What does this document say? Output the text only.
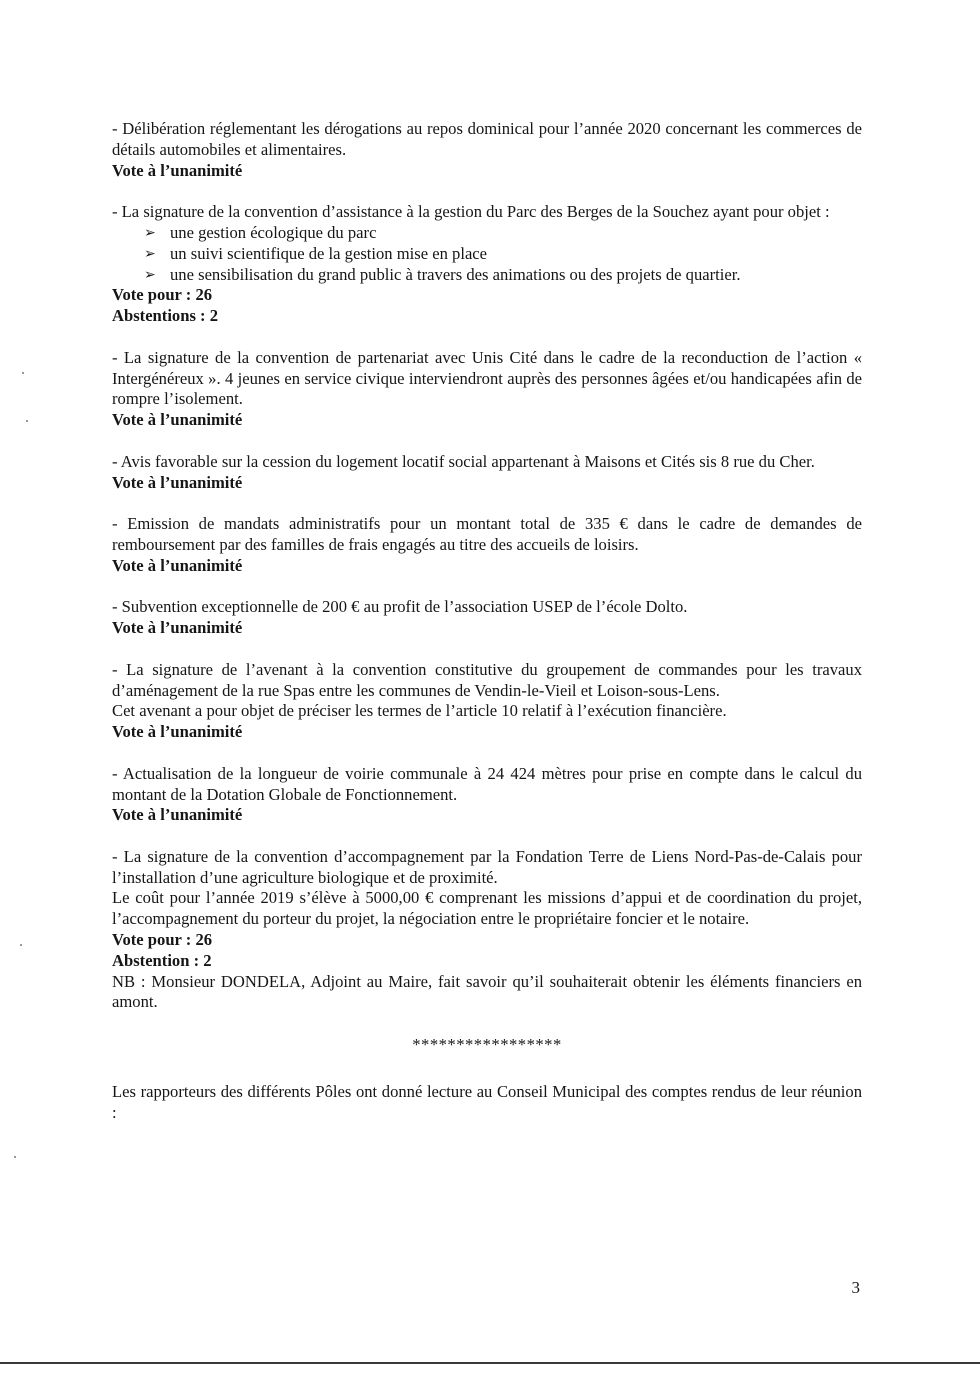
- Délibération réglementant les dérogations au repos dominical pour l’année 2020 concernant les commerces de détails automobiles et alimentaires.

Vote à l’unanimité

- La signature de la convention d’assistance à la gestion du Parc des Berges de la Souchez ayant pour objet :

➢ une gestion écologique du parc
➢ un suivi scientifique de la gestion mise en place
➢ une sensibilisation du grand public à travers des animations ou des projets de quartier.

Vote pour : 26

Abstentions : 2

- La signature de la convention de partenariat avec Unis Cité dans le cadre de la reconduction de l’action « Intergénéreux ». 4 jeunes en service civique interviendront auprès des personnes âgées et/ou handicapées afin de rompre l’isolement.

Vote à l’unanimité

- Avis favorable sur la cession du logement locatif social appartenant à Maisons et Cités sis 8 rue du Cher.

Vote à l’unanimité

- Emission de mandats administratifs pour un montant total de 335 € dans le cadre de demandes de remboursement par des familles de frais engagés au titre des accueils de loisirs.

Vote à l’unanimité

- Subvention exceptionnelle de 200 € au profit de l’association USEP de l’école Dolto.

Vote à l’unanimité

- La signature de l’avenant à la convention constitutive du groupement de commandes pour les travaux d’aménagement de la rue Spas entre les communes de Vendin-le-Vieil et Loison-sous-Lens.

Cet avenant a pour objet de préciser les termes de l’article 10 relatif à l’exécution financière.

Vote à l’unanimité

- Actualisation de la longueur de voirie communale à 24 424 mètres pour prise en compte dans le calcul du montant de la Dotation Globale de Fonctionnement.

Vote à l’unanimité

- La signature de la convention d’accompagnement par la Fondation Terre de Liens Nord-Pas-de-Calais pour l’installation d’une agriculture biologique et de proximité.

Le coût pour l’année 2019 s’élève à 5000,00 € comprenant les missions d’appui et de coordination du projet, l’accompagnement du porteur du projet, la négociation entre le propriétaire foncier et le notaire.

Vote pour : 26

Abstention : 2

NB : Monsieur DONDELA, Adjoint au Maire, fait savoir qu’il souhaiterait obtenir les éléments financiers en amont.

*****************

Les rapporteurs des différents Pôles ont donné lecture au Conseil Municipal des comptes rendus de leur réunion :

3
